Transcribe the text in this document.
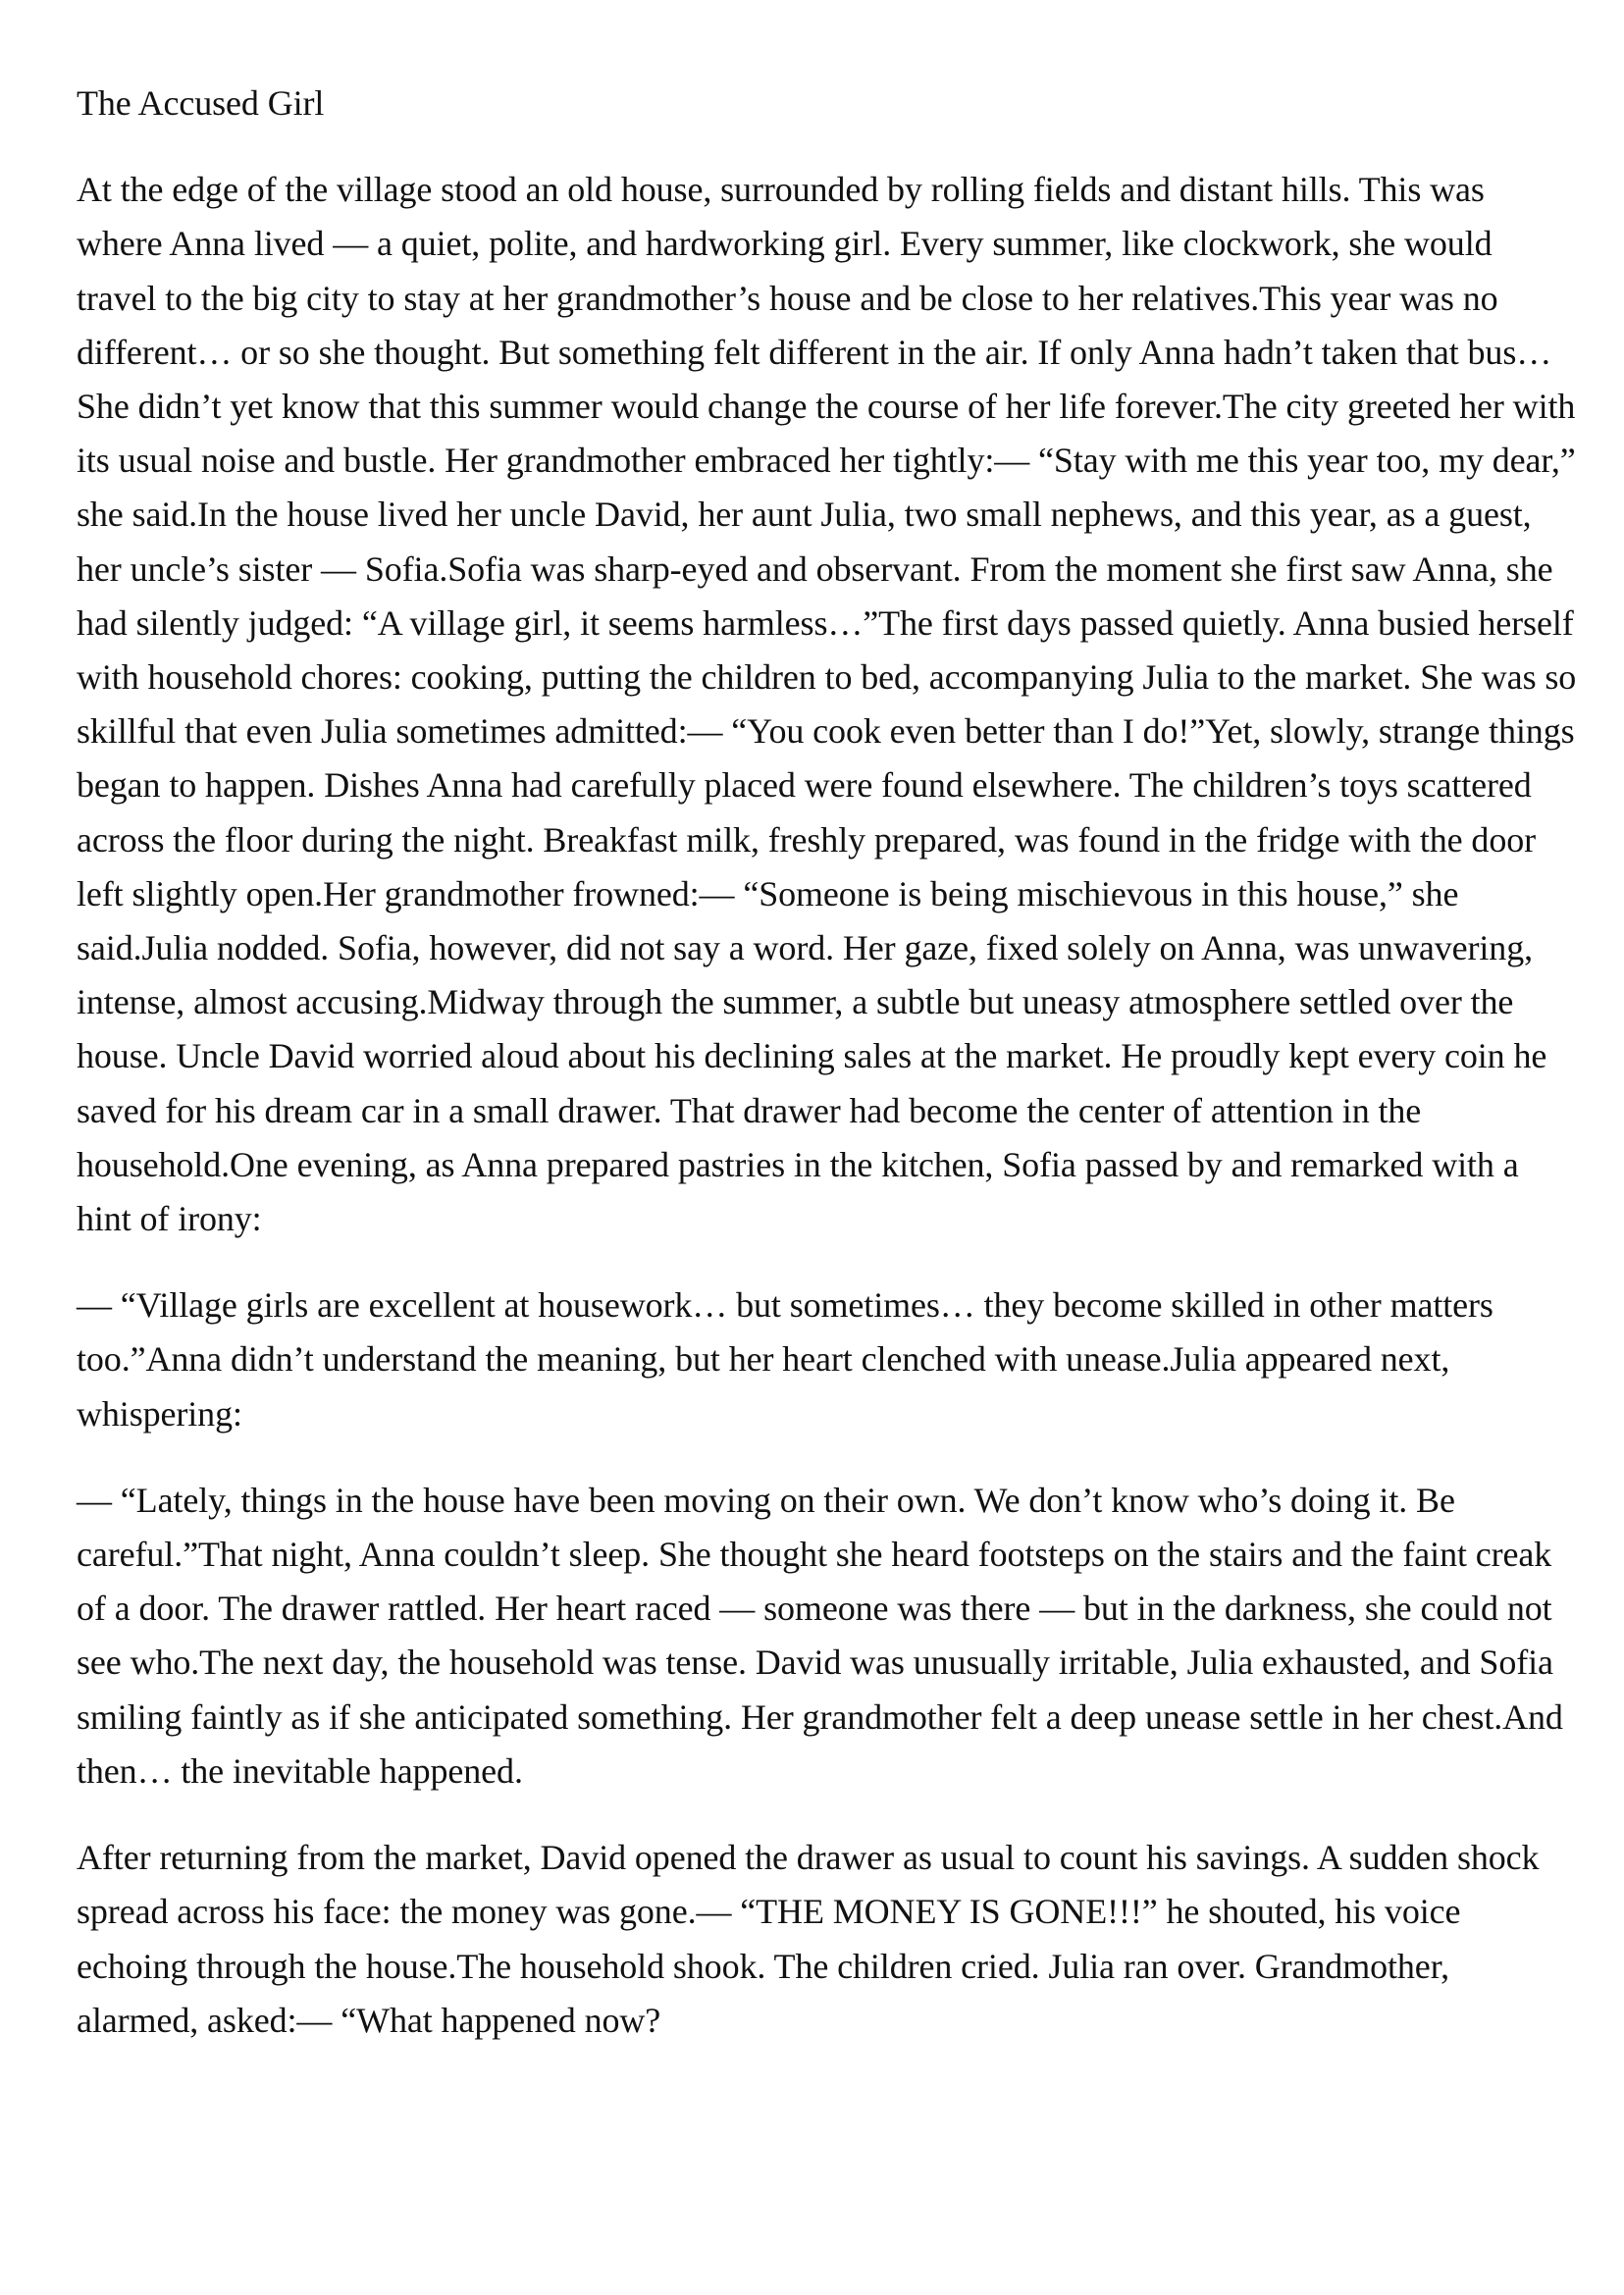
The Accused Girl

At the edge of the village stood an old house, surrounded by rolling fields and distant hills. This was where Anna lived — a quiet, polite, and hardworking girl. Every summer, like clockwork, she would travel to the big city to stay at her grandmother’s house and be close to her relatives.This year was no different… or so she thought. But something felt different in the air. If only Anna hadn’t taken that bus… She didn’t yet know that this summer would change the course of her life forever.The city greeted her with its usual noise and bustle. Her grandmother embraced her tightly:— “Stay with me this year too, my dear,” she said.In the house lived her uncle David, her aunt Julia, two small nephews, and this year, as a guest, her uncle’s sister — Sofia.Sofia was sharp-eyed and observant. From the moment she first saw Anna, she had silently judged: “A village girl, it seems harmless…”The first days passed quietly. Anna busied herself with household chores: cooking, putting the children to bed, accompanying Julia to the market. She was so skillful that even Julia sometimes admitted:— “You cook even better than I do!”Yet, slowly, strange things began to happen. Dishes Anna had carefully placed were found elsewhere. The children’s toys scattered across the floor during the night. Breakfast milk, freshly prepared, was found in the fridge with the door left slightly open.Her grandmother frowned:— “Someone is being mischievous in this house,” she said.Julia nodded. Sofia, however, did not say a word. Her gaze, fixed solely on Anna, was unwavering, intense, almost accusing.Midway through the summer, a subtle but uneasy atmosphere settled over the house. Uncle David worried aloud about his declining sales at the market. He proudly kept every coin he saved for his dream car in a small drawer. That drawer had become the center of attention in the household.One evening, as Anna prepared pastries in the kitchen, Sofia passed by and remarked with a hint of irony:

— “Village girls are excellent at housework… but sometimes… they become skilled in other matters too.”Anna didn’t understand the meaning, but her heart clenched with unease.Julia appeared next, whispering:

— “Lately, things in the house have been moving on their own. We don’t know who’s doing it. Be careful.”That night, Anna couldn’t sleep. She thought she heard footsteps on the stairs and the faint creak of a door. The drawer rattled. Her heart raced — someone was there — but in the darkness, she could not see who.The next day, the household was tense. David was unusually irritable, Julia exhausted, and Sofia smiling faintly as if she anticipated something. Her grandmother felt a deep unease settle in her chest.And then… the inevitable happened.

After returning from the market, David opened the drawer as usual to count his savings. A sudden shock spread across his face: the money was gone.— “THE MONEY IS GONE!!!” he shouted, his voice echoing through the house.The household shook. The children cried. Julia ran over. Grandmother, alarmed, asked:— “What happened now?
